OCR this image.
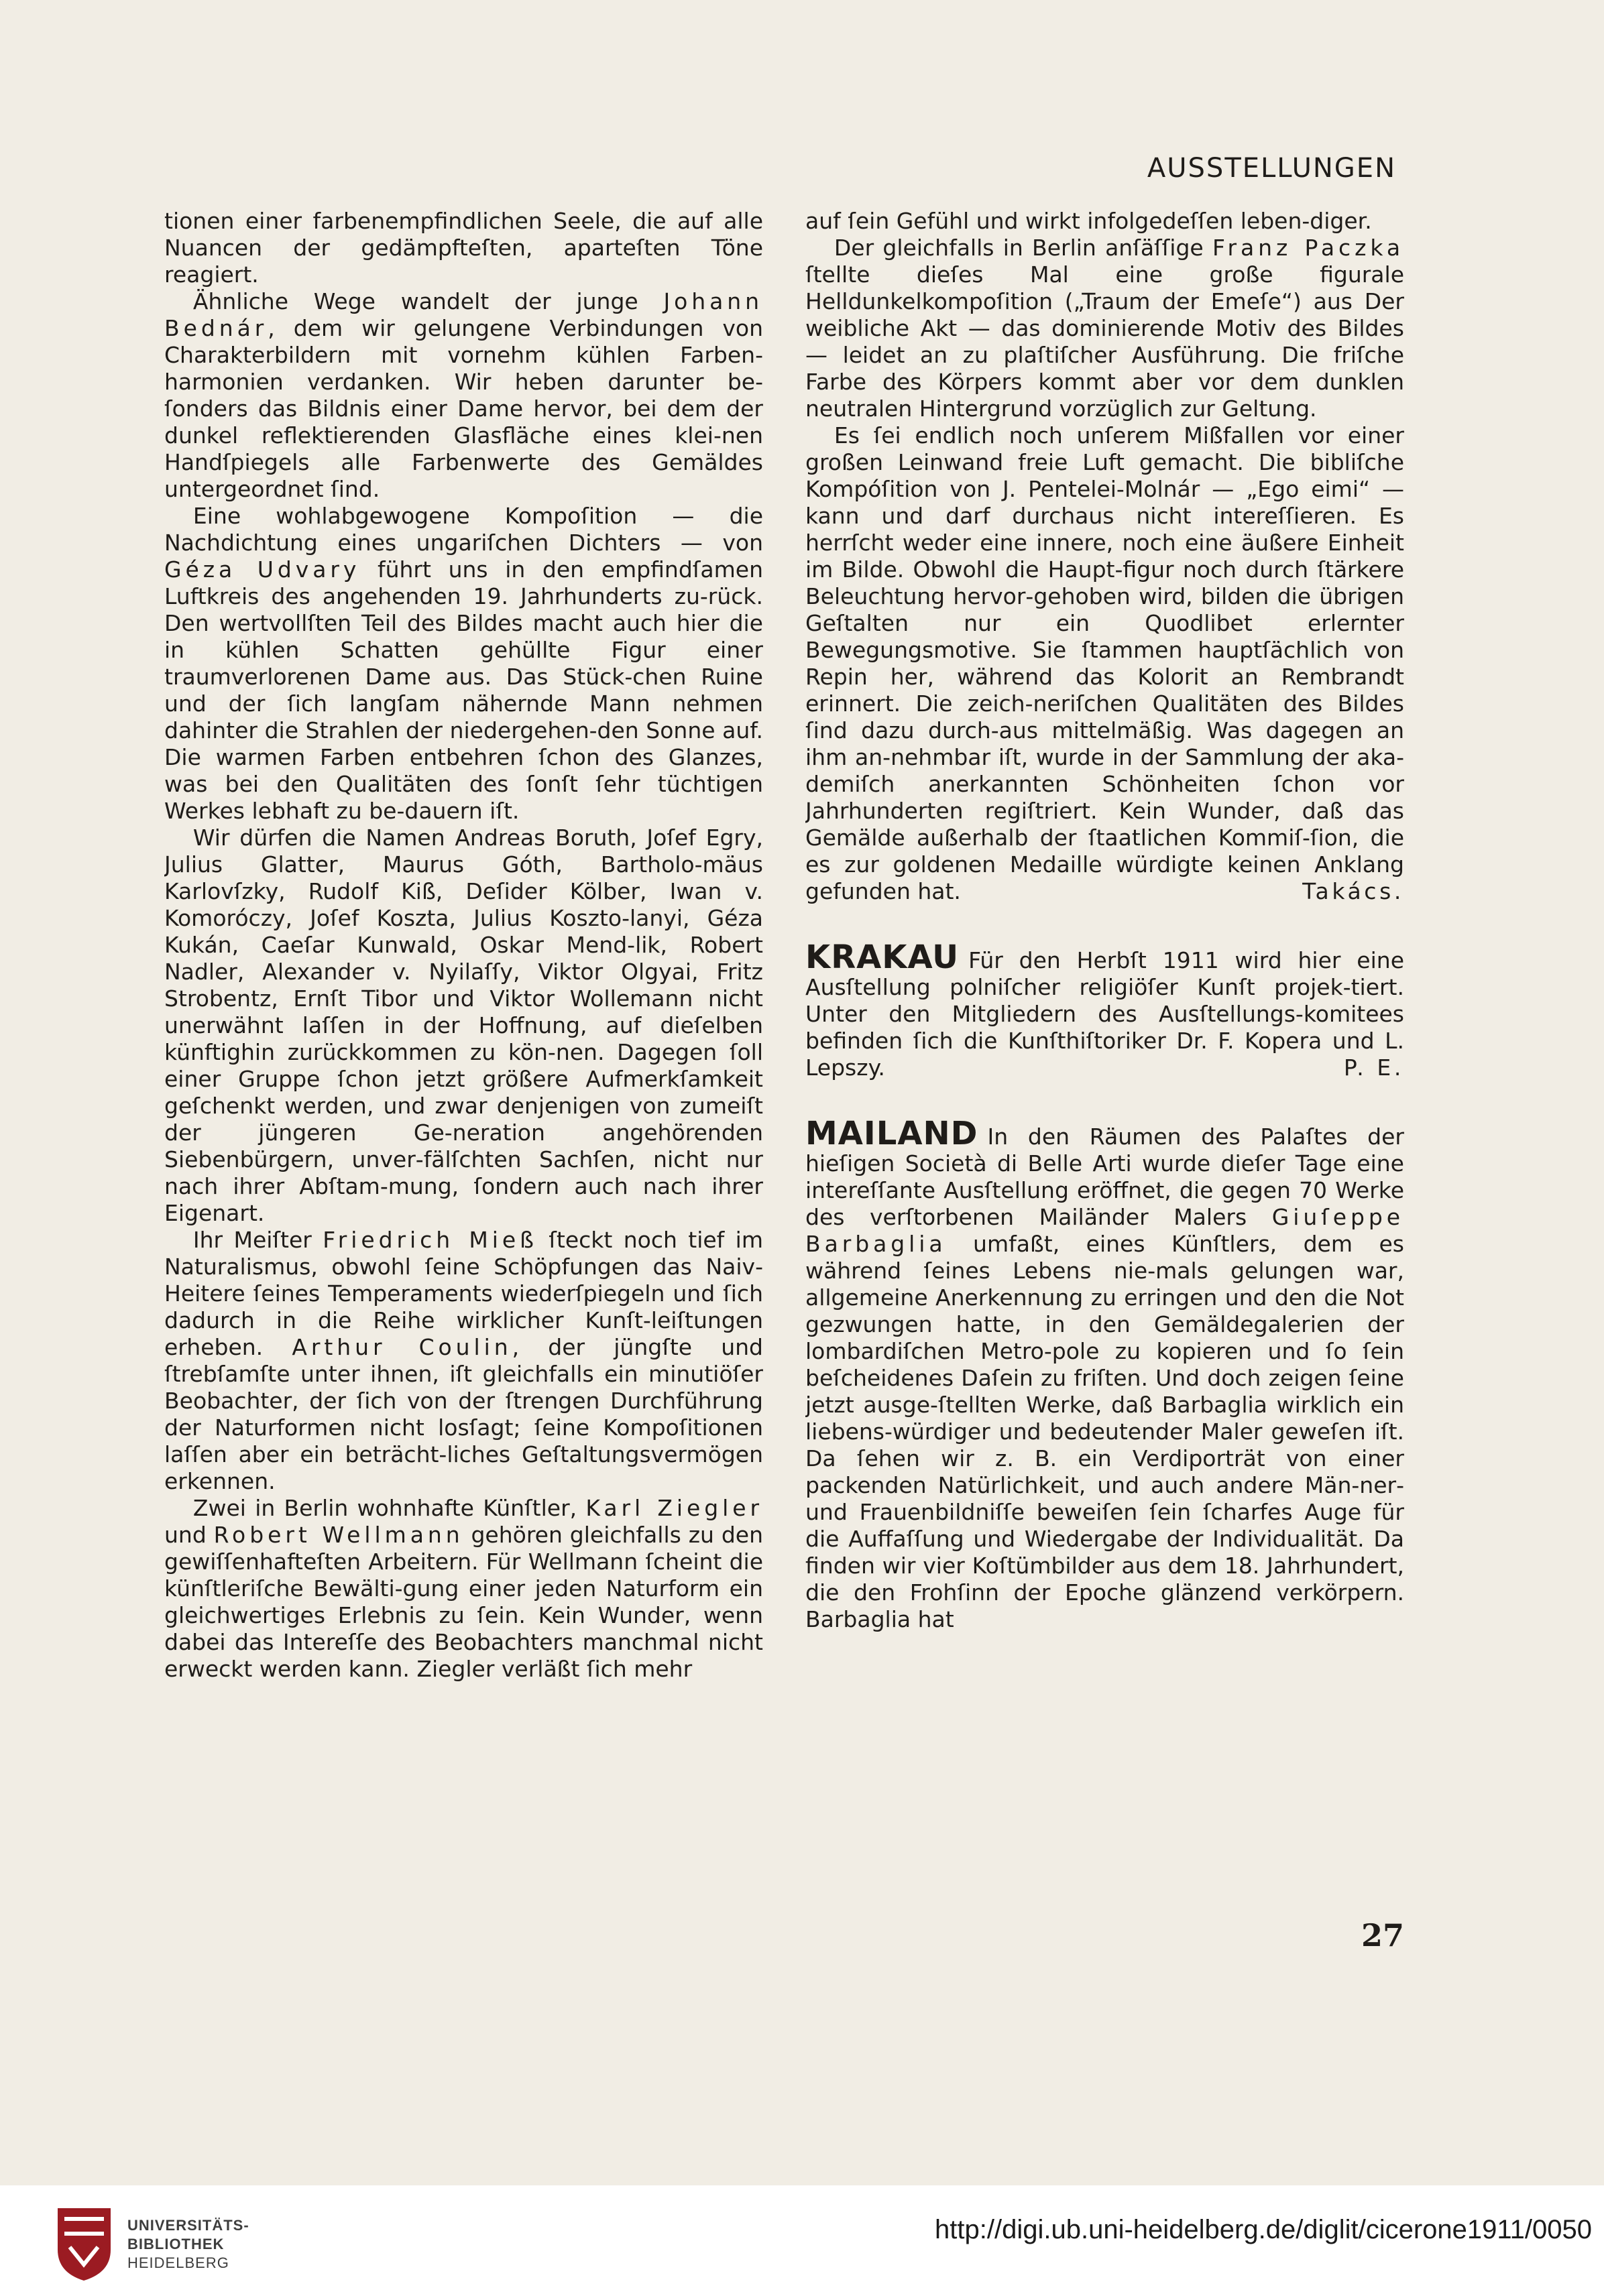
AUSSTELLUNGEN

tionen einer farbenempfindlichen Seele, die auf alle Nuancen der gedämpfteſten, aparteſten Töne reagiert.

Ähnliche Wege wandelt der junge Johann Bednár, dem wir gelungene Verbindungen von Charakterbildern mit vornehm kühlen Farben‐harmonien verdanken. Wir heben darunter be‐ſonders das Bildnis einer Dame hervor, bei dem der dunkel reflektierenden Glasfläche eines klei‐nen Handſpiegels alle Farbenwerte des Gemäldes untergeordnet ſind.

Eine wohlabgewogene Kompoſition — die Nachdichtung eines ungariſchen Dichters — von Géza Udvary führt uns in den empfindſamen Luftkreis des angehenden 19. Jahrhunderts zu‐rück. Den wertvollſten Teil des Bildes macht auch hier die in kühlen Schatten gehüllte Figur einer traumverlorenen Dame aus. Das Stück‐chen Ruine und der ſich langſam nähernde Mann nehmen dahinter die Strahlen der niedergehen‐den Sonne auf. Die warmen Farben entbehren ſchon des Glanzes, was bei den Qualitäten des ſonſt ſehr tüchtigen Werkes lebhaft zu be‐dauern iſt.

Wir dürfen die Namen Andreas Boruth, Joſef Egry, Julius Glatter, Maurus Góth, Bartholo‐mäus Karlovſzky, Rudolf Kiß, Deſider Kölber, Iwan v. Komoróczy, Joſef Koszta, Julius Koszto‐lanyi, Géza Kukán, Caeſar Kunwald, Oskar Mend‐lik, Robert Nadler, Alexander v. Nyilaſſy, Viktor Olgyai, Fritz Strobentz, Ernſt Tibor und Viktor Wollemann nicht unerwähnt laſſen in der Hoffnung, auf dieſelben künftighin zurückkommen zu kön‐nen. Dagegen ſoll einer Gruppe ſchon jetzt größere Aufmerkſamkeit geſchenkt werden, und zwar denjenigen von zumeiſt der jüngeren Ge‐neration angehörenden Siebenbürgern, unver‐fälſchten Sachſen, nicht nur nach ihrer Abſtam‐mung, ſondern auch nach ihrer Eigenart.

Ihr Meiſter Friedrich Mieß ſteckt noch tief im Naturalismus, obwohl ſeine Schöpfungen das Naiv‐Heitere ſeines Temperaments wiederſpiegeln und ſich dadurch in die Reihe wirklicher Kunſt‐leiſtungen erheben. Arthur Coulin, der jüngſte und ſtrebſamſte unter ihnen, iſt gleichfalls ein minutiöſer Beobachter, der ſich von der ſtrengen Durchführung der Naturformen nicht losſagt; ſeine Kompoſitionen laſſen aber ein beträcht‐liches Geſtaltungsvermögen erkennen.

Zwei in Berlin wohnhafte Künſtler, Karl Ziegler und Robert Wellmann gehören gleichfalls zu den gewiſſenhafteſten Arbeitern. Für Wellmann ſcheint die künſtleriſche Bewälti‐gung einer jeden Naturform ein gleichwertiges Erlebnis zu ſein. Kein Wunder, wenn dabei das Intereſſe des Beobachters manchmal nicht erweckt werden kann. Ziegler verläßt ſich mehr

auf ſein Gefühl und wirkt infolgedeſſen leben‐diger.

Der gleichfalls in Berlin anſäſſige Franz Paczka ſtellte dieſes Mal eine große figurale Helldunkelkompoſition („Traum der Emeſe“) aus Der weibliche Akt — das dominierende Motiv des Bildes — leidet an zu plaſtiſcher Ausführung. Die friſche Farbe des Körpers kommt aber vor dem dunklen neutralen Hintergrund vorzüglich zur Geltung.

Es ſei endlich noch unſerem Mißfallen vor einer großen Leinwand freie Luft gemacht. Die bibliſche Kompóſition von J. Pentelei‐Molnár — „Ego eimi“ — kann und darf durchaus nicht intereſſieren. Es herrſcht weder eine innere, noch eine äußere Einheit im Bilde. Obwohl die Haupt‐figur noch durch ſtärkere Beleuchtung hervor‐gehoben wird, bilden die übrigen Geſtalten nur ein Quodlibet erlernter Bewegungsmotive. Sie ſtammen hauptſächlich von Repin her, während das Kolorit an Rembrandt erinnert. Die zeich‐neriſchen Qualitäten des Bildes ſind dazu durch‐aus mittelmäßig. Was dagegen an ihm an‐nehmbar iſt, wurde in der Sammlung der aka‐demiſch anerkannten Schönheiten ſchon vor Jahrhunderten regiſtriert. Kein Wunder, daß das Gemälde außerhalb der ſtaatlichen Kommiſ‐ſion, die es zur goldenen Medaille würdigte keinen Anklang gefunden hat.	Takács.

KRAKAU Für den Herbſt 1911 wird hier eine Ausſtellung polniſcher religiöſer Kunſt projek‐tiert. Unter den Mitgliedern des Ausſtellungs‐komitees befinden ſich die Kunſthiſtoriker Dr. F. Kopera und L. Lepszy.	P. E.

MAILAND In den Räumen des Palaſtes der hieſigen Società di Belle Arti wurde dieſer Tage eine intereſſante Ausſtellung eröffnet, die gegen 70 Werke des verſtorbenen Mailänder Malers Giuſeppe Barbaglia umfaßt, eines Künſtlers, dem es während ſeines Lebens nie‐mals gelungen war, allgemeine Anerkennung zu erringen und den die Not gezwungen hatte, in den Gemäldegalerien der lombardiſchen Metro‐pole zu kopieren und ſo ſein beſcheidenes Daſein zu friſten. Und doch zeigen ſeine jetzt ausge‐ſtellten Werke, daß Barbaglia wirklich ein liebens‐würdiger und bedeutender Maler geweſen iſt. Da ſehen wir z. B. ein Verdiporträt von einer packenden Natürlichkeit, und auch andere Män‐ner‐ und Frauenbildniſſe beweiſen ſein ſcharfes Auge für die Auffaſſung und Wiedergabe der Individualität. Da finden wir vier Koſtümbilder aus dem 18. Jahrhundert, die den Frohſinn der Epoche glänzend verkörpern. Barbaglia hat

27
UNIVERSITÄTS-
BIBLIOTHEK
HEIDELBERG
http://digi.ub.uni-heidelberg.de/diglit/cicerone1911/0050
